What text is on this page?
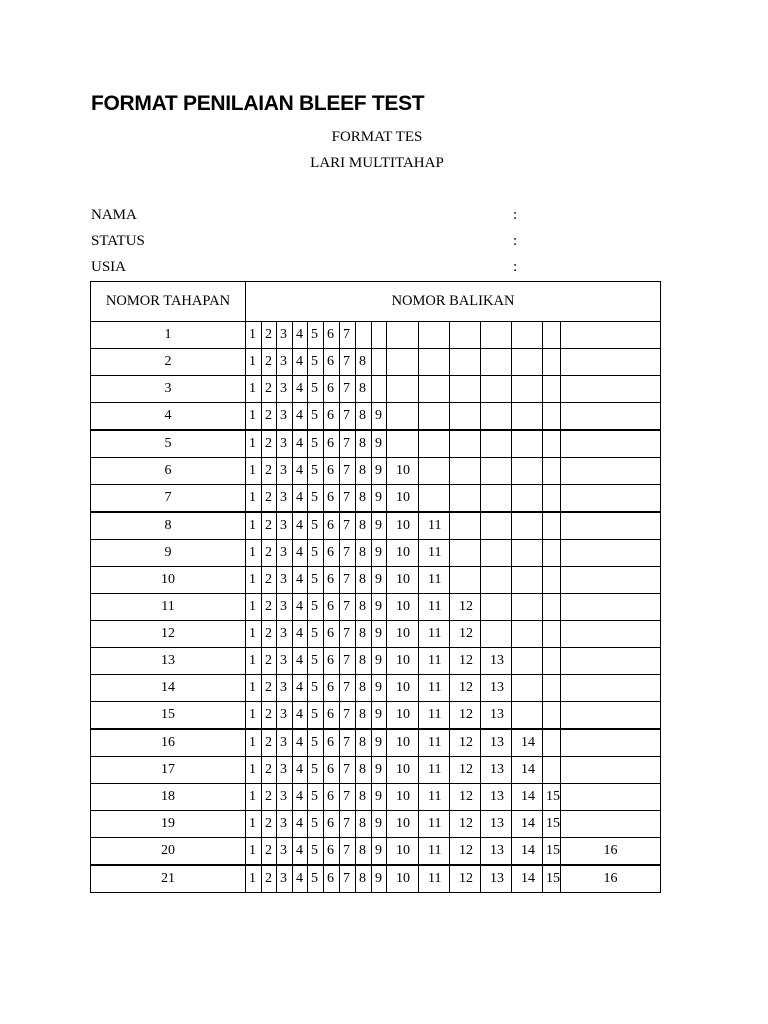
FORMAT PENILAIAN BLEEF TEST
FORMAT TES
LARI MULTITAHAP
NAMA	:
STATUS	:
USIA	:
NOMOR TAHAPAN	NOMOR BALIKAN															
1	1	2	3	4	5	6	7									
2	1	2	3	4	5	6	7	8								
3	1	2	3	4	5	6	7	8								
4	1	2	3	4	5	6	7	8	9							
5	1	2	3	4	5	6	7	8	9							
6	1	2	3	4	5	6	7	8	9	10						
7	1	2	3	4	5	6	7	8	9	10						
8	1	2	3	4	5	6	7	8	9	10	11					
9	1	2	3	4	5	6	7	8	9	10	11					
10	1	2	3	4	5	6	7	8	9	10	11					
11	1	2	3	4	5	6	7	8	9	10	11	12				
12	1	2	3	4	5	6	7	8	9	10	11	12				
13	1	2	3	4	5	6	7	8	9	10	11	12	13			
14	1	2	3	4	5	6	7	8	9	10	11	12	13			
15	1	2	3	4	5	6	7	8	9	10	11	12	13			
16	1	2	3	4	5	6	7	8	9	10	11	12	13	14		
17	1	2	3	4	5	6	7	8	9	10	11	12	13	14		
18	1	2	3	4	5	6	7	8	9	10	11	12	13	14	15	
19	1	2	3	4	5	6	7	8	9	10	11	12	13	14	15	
20	1	2	3	4	5	6	7	8	9	10	11	12	13	14	15	16
21	1	2	3	4	5	6	7	8	9	10	11	12	13	14	15	16
